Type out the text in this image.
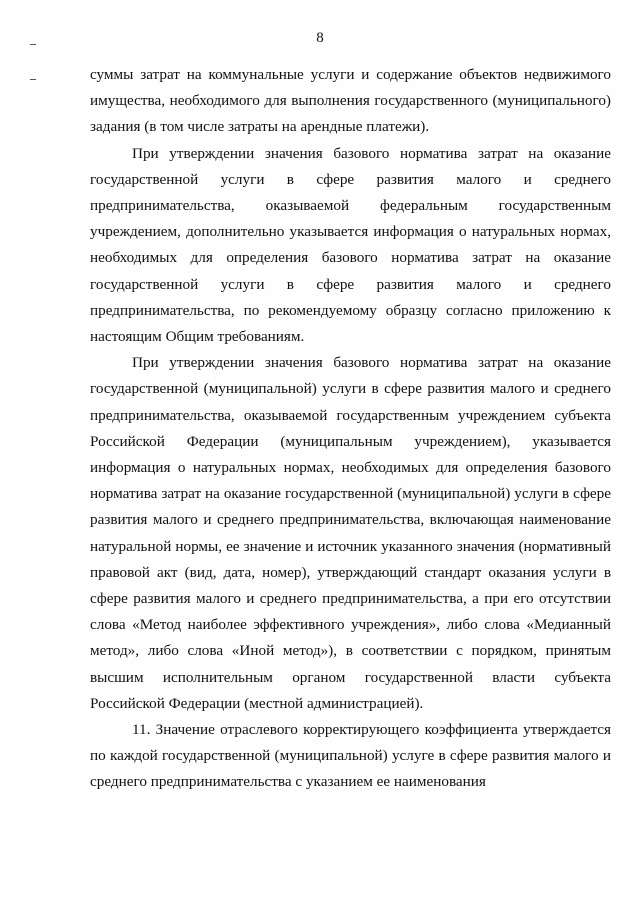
8

суммы затрат на коммунальные услуги и содержание объектов недвижимого имущества, необходимого для выполнения государственного (муниципального) задания (в том числе затраты на арендные платежи).

При утверждении значения базового норматива затрат на оказание государственной услуги в сфере развития малого и среднего предпринимательства, оказываемой федеральным государственным учреждением, дополнительно указывается информация о натуральных нормах, необходимых для определения базового норматива затрат на оказание государственной услуги в сфере развития малого и среднего предпринимательства, по рекомендуемому образцу согласно приложению к настоящим Общим требованиям.

При утверждении значения базового норматива затрат на оказание государственной (муниципальной) услуги в сфере развития малого и среднего предпринимательства, оказываемой государственным учреждением субъекта Российской Федерации (муниципальным учреждением), указывается информация о натуральных нормах, необходимых для определения базового норматива затрат на оказание государственной (муниципальной) услуги в сфере развития малого и среднего предпринимательства, включающая наименование натуральной нормы, ее значение и источник указанного значения (нормативный правовой акт (вид, дата, номер), утверждающий стандарт оказания услуги в сфере развития малого и среднего предпринимательства, а при его отсутствии слова «Метод наиболее эффективного учреждения», либо слова «Медианный метод», либо слова «Иной метод»), в соответствии с порядком, принятым высшим исполнительным органом государственной власти субъекта Российской Федерации (местной администрацией).

11. Значение отраслевого корректирующего коэффициента утверждается по каждой государственной (муниципальной) услуге в сфере развития малого и среднего предпринимательства с указанием ее наименования
